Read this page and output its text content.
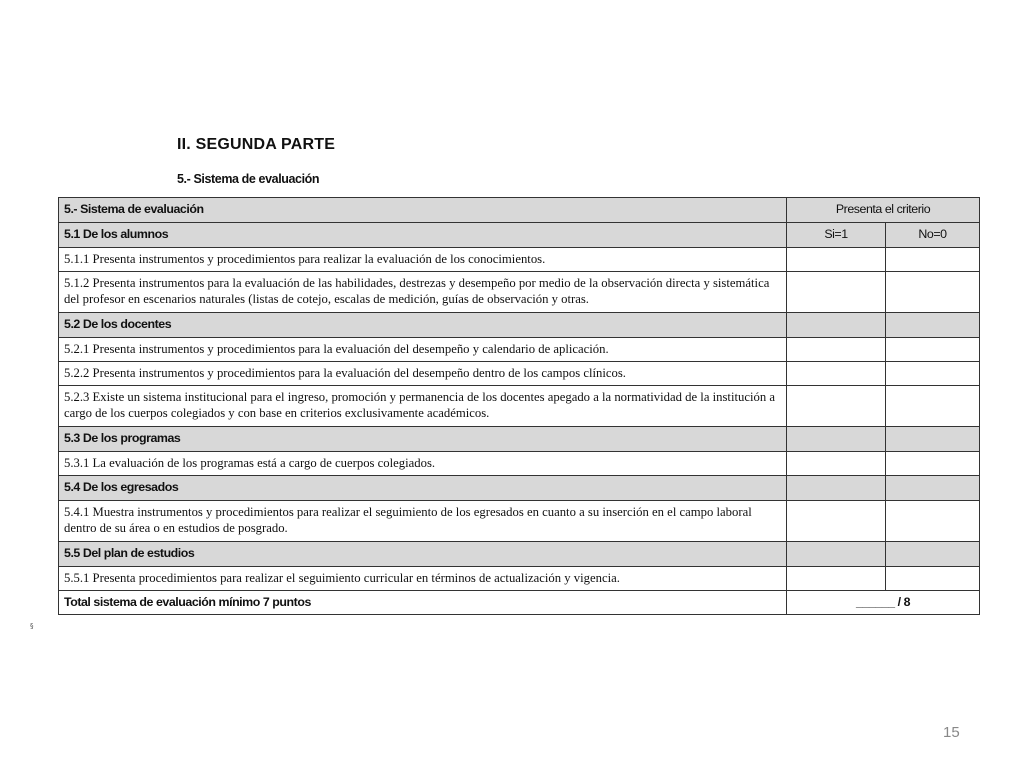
II. SEGUNDA PARTE
5.- Sistema de evaluación
5.- Sistema de evaluación	Presenta el criterio	
5.1 De los alumnos	Si=1	No=0
5.1.1 Presenta instrumentos y procedimientos para realizar la evaluación de los conocimientos.		
5.1.2 Presenta instrumentos para la evaluación de las habilidades, destrezas y desempeño por medio de la observación directa y sistemática del profesor en escenarios naturales (listas de cotejo, escalas de medición, guías de observación y otras.		
5.2 De los docentes		
5.2.1 Presenta instrumentos y procedimientos para la evaluación del desempeño y calendario de aplicación.		
5.2.2 Presenta instrumentos y procedimientos para la evaluación del desempeño dentro de los campos clínicos.		
5.2.3 Existe un sistema institucional para el ingreso, promoción y permanencia de los docentes apegado a la normatividad de la institución a cargo de los cuerpos colegiados y con base en criterios exclusivamente académicos.		
5.3 De los programas		
5.3.1 La evaluación de los programas está a cargo de cuerpos colegiados.		
5.4 De los egresados		
5.4.1 Muestra instrumentos y procedimientos para realizar el seguimiento de los egresados en cuanto a su inserción en el campo laboral dentro de su área o en estudios de posgrado.		
5.5 Del plan de estudios		
5.5.1 Presenta procedimientos para realizar el seguimiento curricular en términos de actualización y vigencia.		
Total sistema de evaluación mínimo 7 puntos	______ / 8	
§
15
